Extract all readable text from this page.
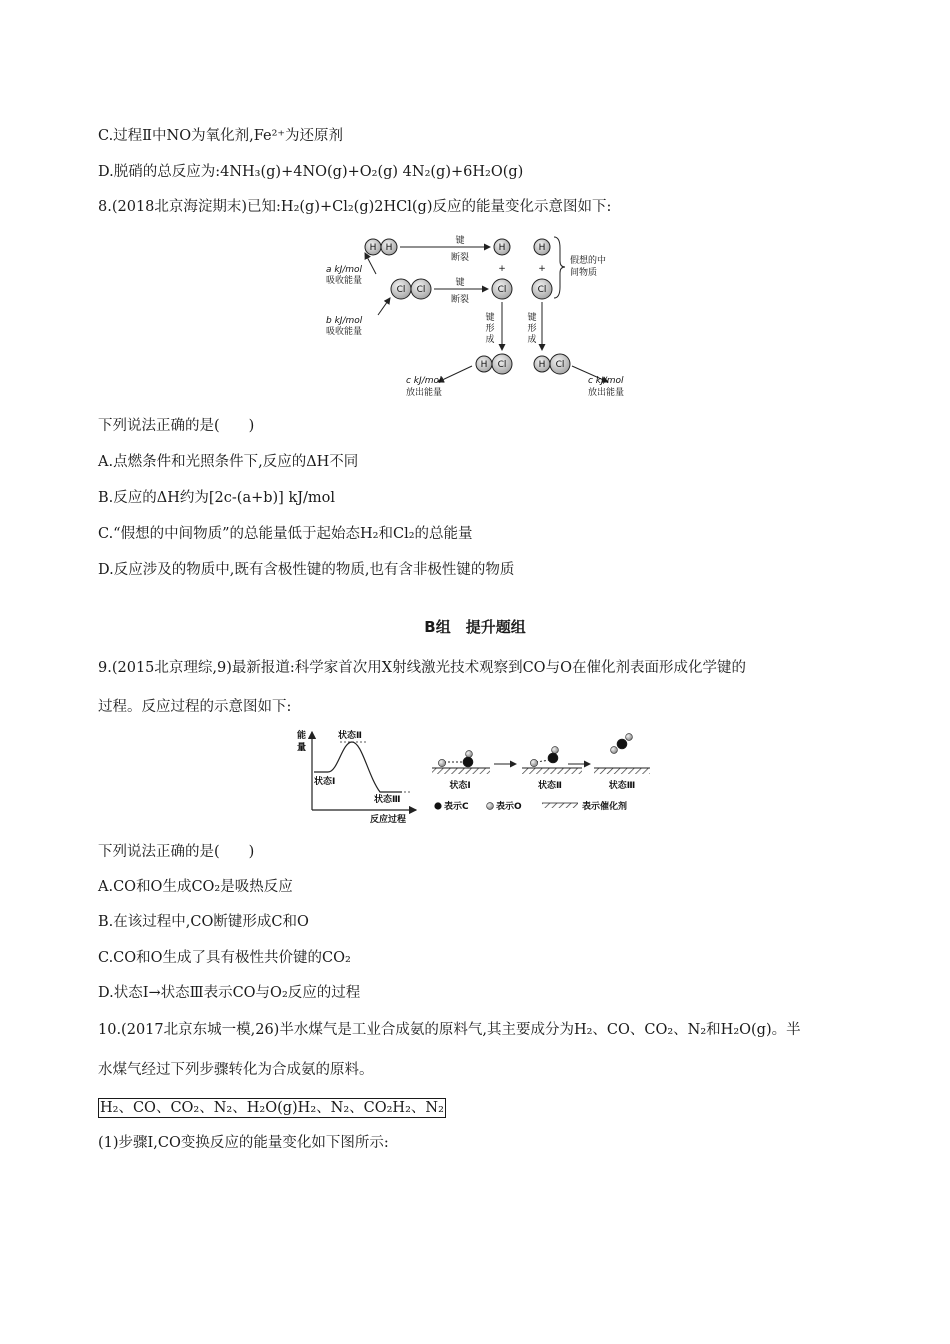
C.过程Ⅱ中NO为氧化剂,Fe²⁺为还原剂
D.脱硝的总反应为:4NH₃(g)+4NO(g)+O₂(g) 4N₂(g)+6H₂O(g)
8.(2018北京海淀期末)已知:H₂(g)+Cl₂(g)2HCl(g)反应的能量变化示意图如下:
H H
Cl Cl
H
Cl
H
Cl
H Cl	H Cl
键
断裂
键
断裂
+	+
a kJ/mol
吸收能量
b kJ/mol
吸收能量
假想的中
间物质
键
形
成
键
形
成
c kJ/mol
放出能量
c kJ/mol
放出能量
下列说法正确的是(　　)
A.点燃条件和光照条件下,反应的ΔH不同
B.反应的ΔH约为[2c-(a+b)] kJ/mol
C.“假想的中间物质”的总能量低于起始态H₂和Cl₂的总能量
D.反应涉及的物质中,既有含极性键的物质,也有含非极性键的物质
B组　提升题组
9.(2015北京理综,9)最新报道:科学家首次用X射线激光技术观察到CO与O在催化剂表面形成化学键的
过程。反应过程的示意图如下:
能
量
状态Ⅱ
状态Ⅰ
状态Ⅲ
反应过程
状态Ⅰ	状态Ⅱ	状态Ⅲ
表示C	表示O	表示催化剂
下列说法正确的是(　　)
A.CO和O生成CO₂是吸热反应
B.在该过程中,CO断键形成C和O
C.CO和O生成了具有极性共价键的CO₂
D.状态Ⅰ→状态Ⅲ表示CO与O₂反应的过程
10.(2017北京东城一模,26)半水煤气是工业合成氨的原料气,其主要成分为H₂、CO、CO₂、N₂和H₂O(g)。半
水煤气经过下列步骤转化为合成氨的原料。
H₂、CO、CO₂、N₂、H₂O(g)H₂、N₂、CO₂H₂、N₂
(1)步骤Ⅰ,CO变换反应的能量变化如下图所示:
